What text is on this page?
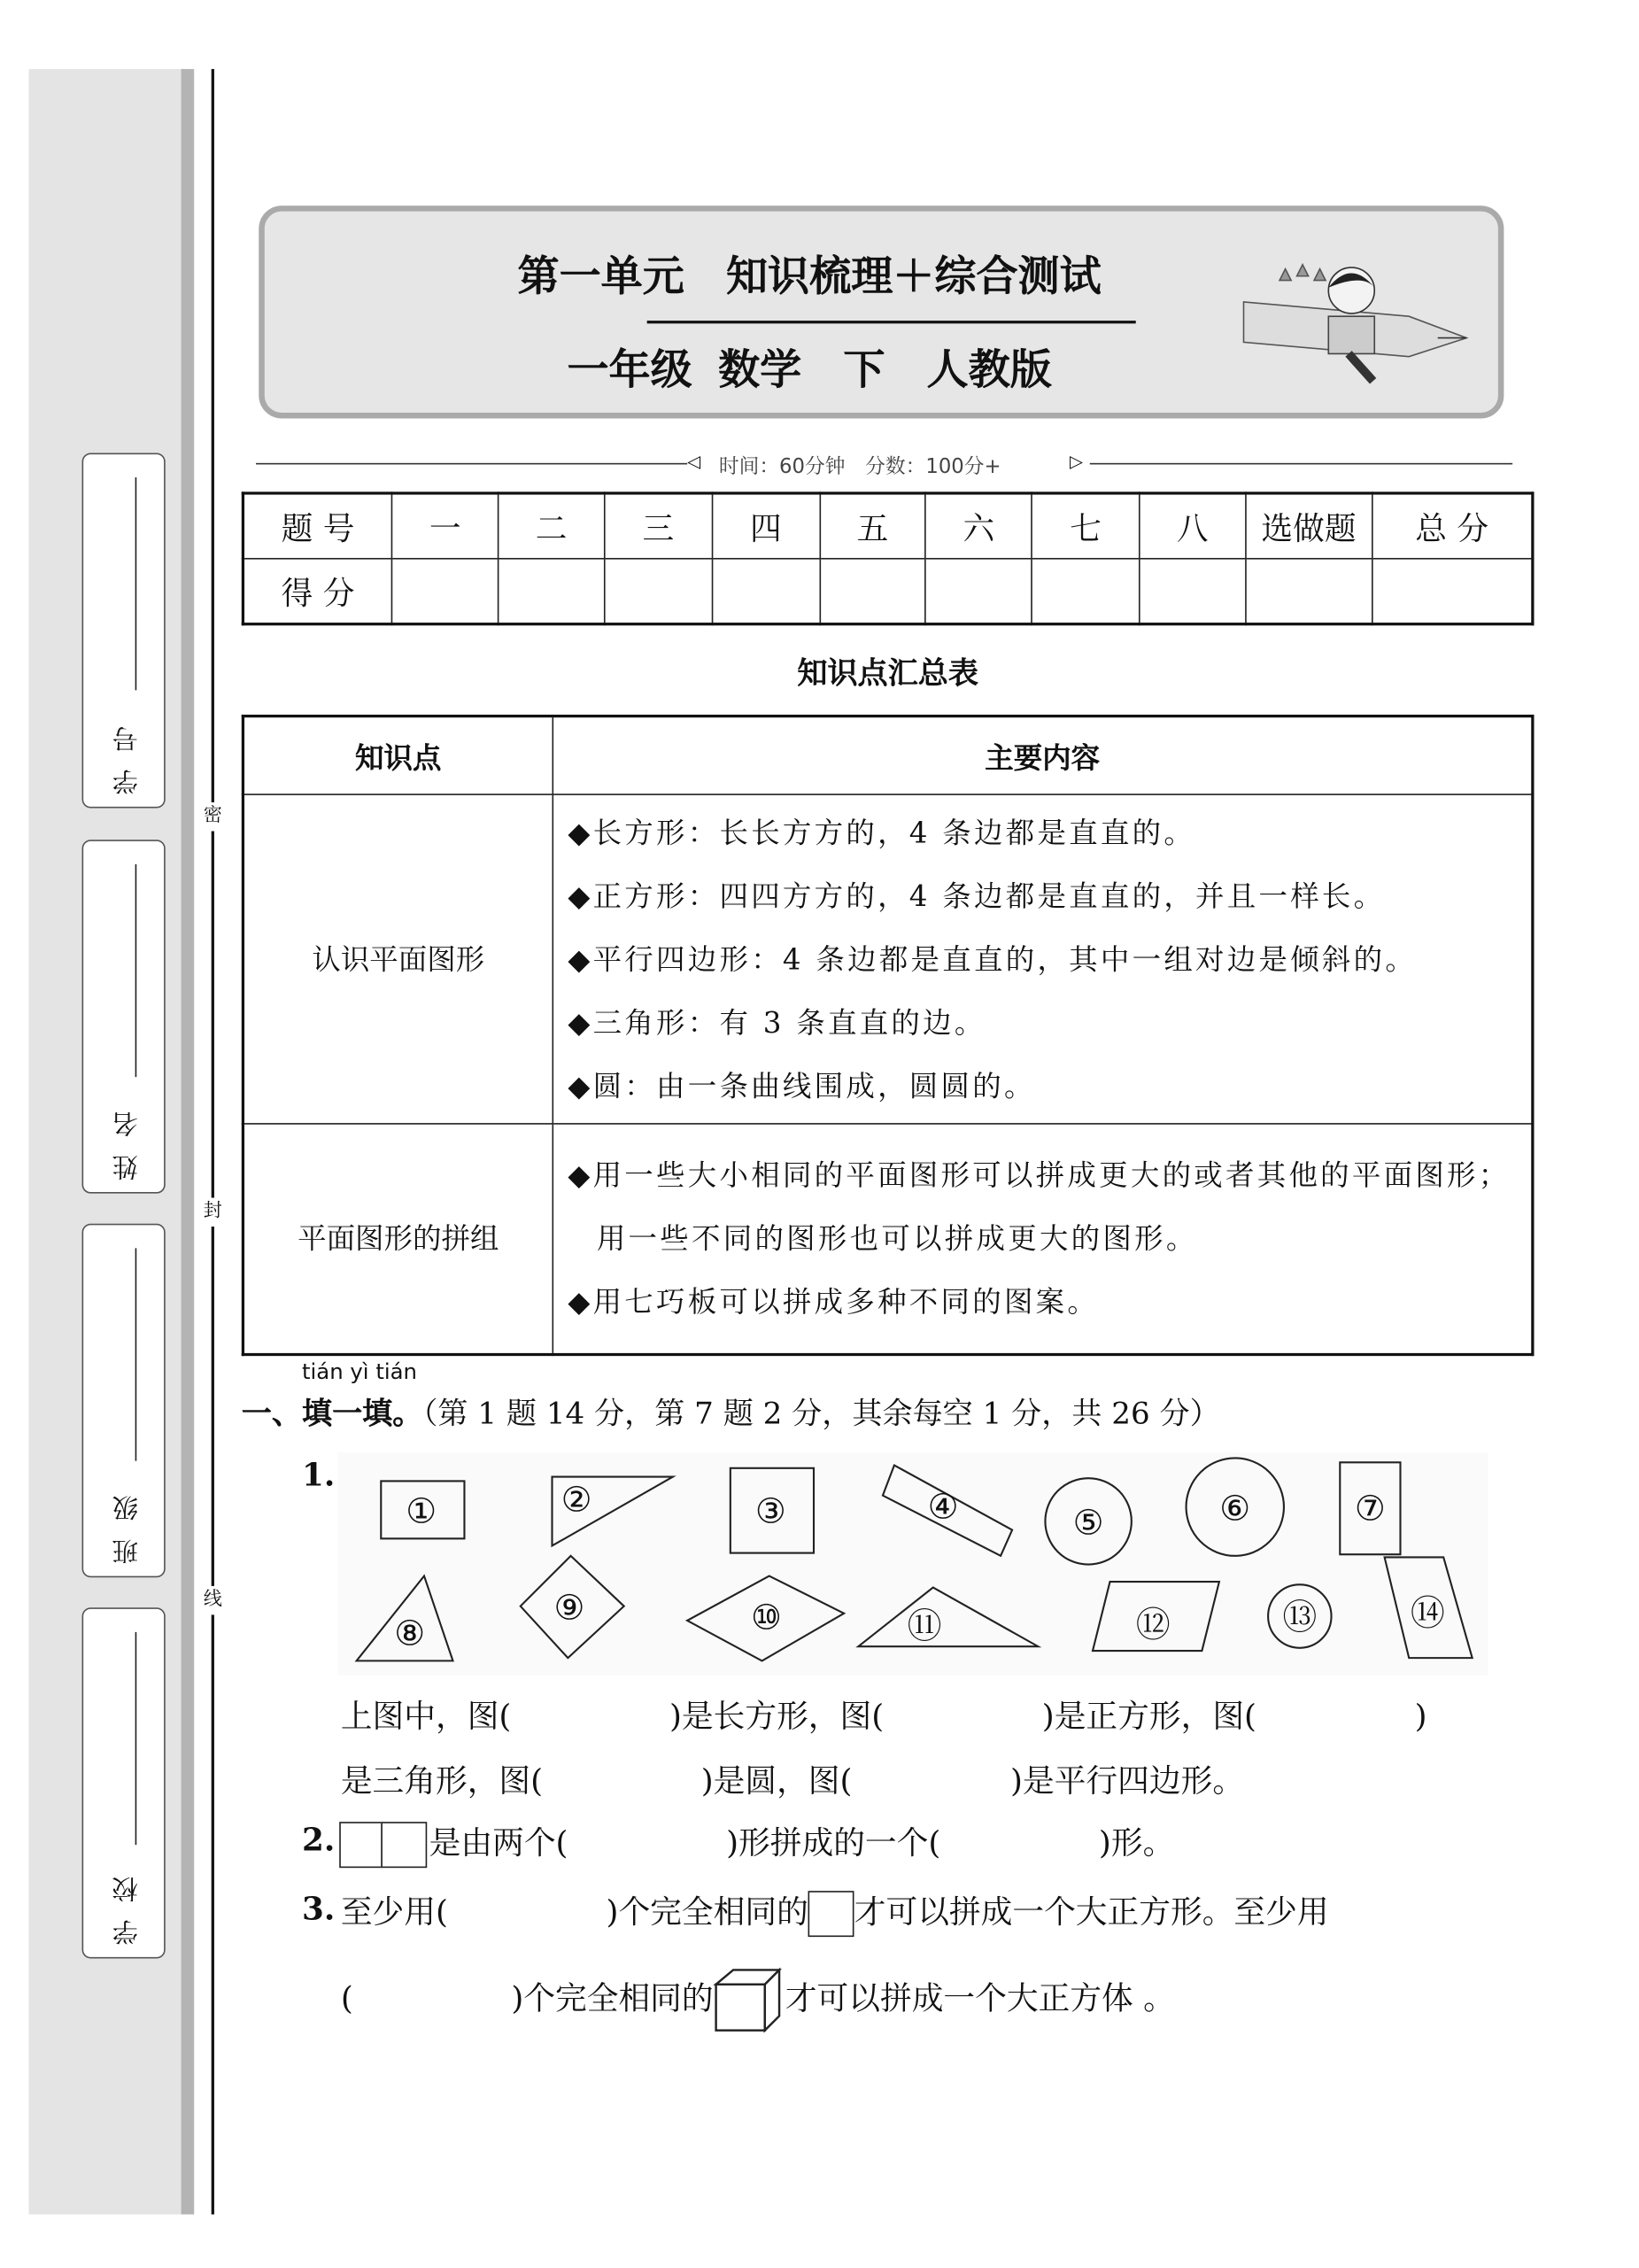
密
封
线
学号
姓名
班级
学校
第一单元　知识梳理＋综合测试
一年级 数学　下　人教版
◁ 时间：60分钟　分数：100分+	▷
题 号	一	二	三	四	五	六	七	八	选做题	总 分
得 分										
知识点汇总表
知识点	主要内容
认识平面图形	◆长方形：长长方方的，4 条边都是直直的。
◆正方形：四四方方的，4 条边都是直直的，并且一样长。
◆平行四边形：4 条边都是直直的，其中一组对边是倾斜的。
◆三角形：有 3 条直直的边。
◆圆：由一条曲线围成，圆圆的。

平面图形的拼组	◆用一些大小相同的平面图形可以拼成更大的或者其他的平面图形；用一些不同的图形也可以拼成更大的图形。
◆用七巧板可以拼成多种不同的图案。
tián yì tián
一、填一填。（第 1 题 14 分，第 7 题 2 分，其余每空 1 分，共 26 分）
1.
①	②	③	④	⑤	⑥	⑦
⑧
⑨	⑩	⑪	⑫	⑬	⑭
上图中，图(　　　　　)是长方形，图(　　　　　)是正方形，图(　　　　　)
是三角形，图(　　　　　)是圆，图(　　　　　)是平行四边形。
2.	是由两个(　　　　　)形拼成的一个(　　　　　)形。
3. 至少用(　　　　　)个完全相同的 才可以拼成一个大正方形。至少用
(　　　　　)个完全相同的	才可以拼成一个大正方体 。
